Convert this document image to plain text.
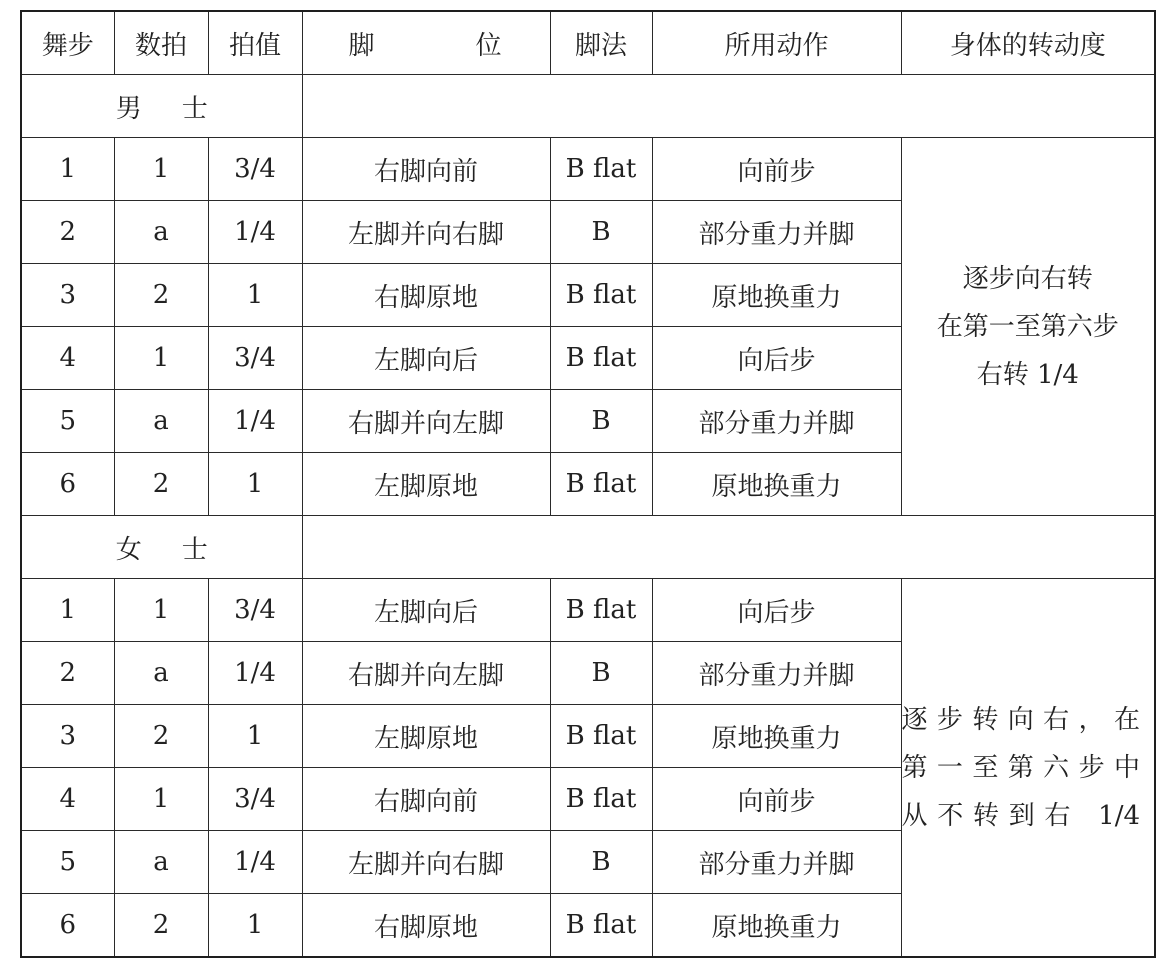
舞步	数拍	拍值	脚 位	脚法	所用动作	身体的转动度

男 士						

1	1	3/4	右脚向前	B flat	向前步	逐步向右转
在第一至第六步
右转 1/4

2	a	1/4	左脚并向右脚	B	部分重力并脚	
3	2	1	右脚原地	B flat	原地换重力	
4	1	3/4	左脚向后	B flat	向后步	
5	a	1/4	右脚并向左脚	B	部分重力并脚	
6	2	1	左脚原地	B flat	原地换重力	

女 士						

1	1	3/4	左脚向后	B flat	向后步	逐步转向右，在
第一至第六步中
从不转到右 1/4

2	a	1/4	右脚并向左脚	B	部分重力并脚	
3	2	1	左脚原地	B flat	原地换重力	
4	1	3/4	右脚向前	B flat	向前步	
5	a	1/4	左脚并向右脚	B	部分重力并脚	
6	2	1	右脚原地	B flat	原地换重力	
